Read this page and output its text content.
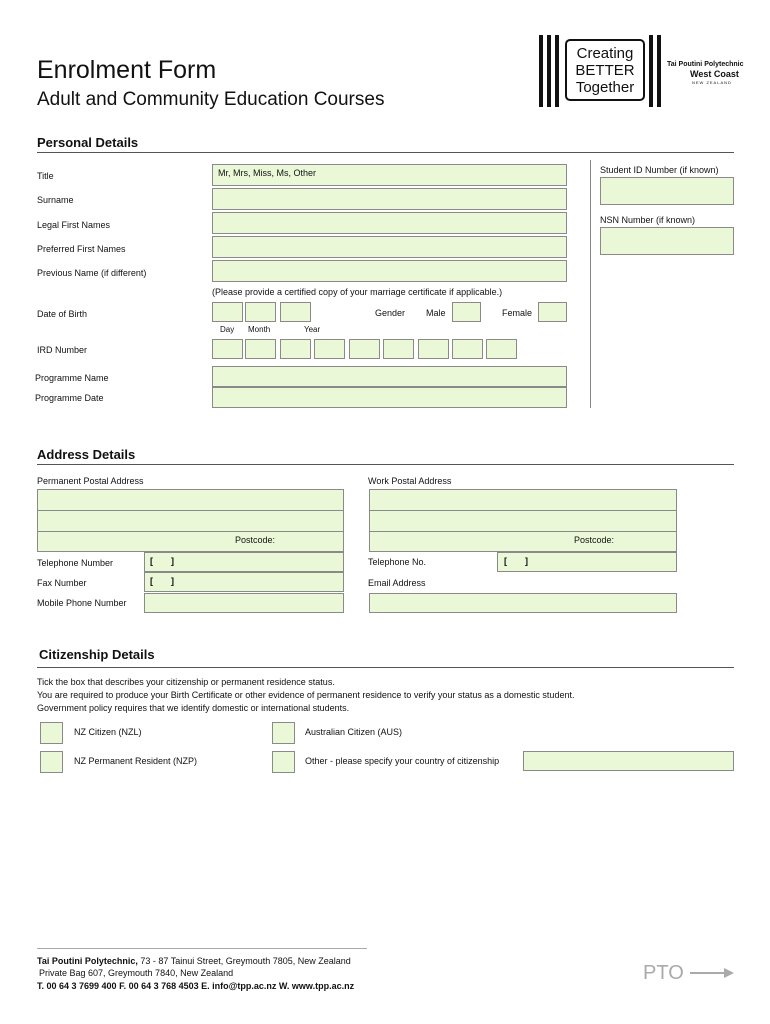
Enrolment Form
Adult and Community Education Courses
Creating
BETTER
Together
Tai Poutini Polytechnic
West Coast
NEW ZEALAND
Personal Details
Title	Mr, Mrs, Miss, Ms, Other
Surname
Legal First Names
Preferred First Names
Previous Name (if different)
(Please provide a certified copy of your marriage certificate if applicable.)
Date of Birth
Day Month	Year
Gender Male	Female
IRD Number
Programme Name
Programme Date
Student ID Number (if known)
NSN Number (if known)
Address Details
Permanent Postal Address
Postcode:
Work Postal Address
Postcode:
Telephone Number	[ ]
Fax Number	[ ]
Mobile Phone Number
Telephone No.	[ ]
Email Address
Citizenship Details
Tick the box that describes your citizenship or permanent residence status.
You are required to produce your Birth Certificate or other evidence of permanent residence to verify your status as a domestic student.
Government policy requires that we identify domestic or international students.
NZ Citizen (NZL)	Australian Citizen (AUS)
NZ Permanent Resident (NZP)	Other - please specify your country of citizenship
Tai Poutini Polytechnic, 73 - 87 Tainui Street, Greymouth 7805, New Zealand
Private Bag 607, Greymouth 7840, New Zealand
T. 00 64 3 7699 400 F. 00 64 3 768 4503 E. info@tpp.ac.nz W. www.tpp.ac.nz
PTO
